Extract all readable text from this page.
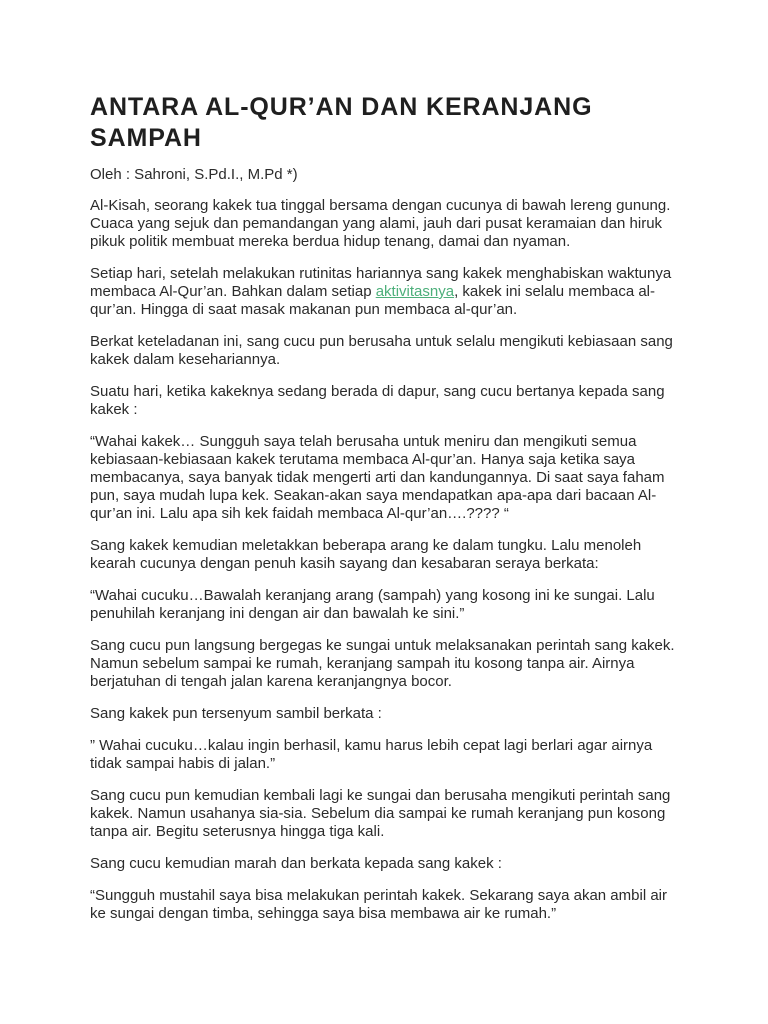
ANTARA AL-QUR’AN DAN KERANJANG SAMPAH

Oleh : Sahroni, S.Pd.I., M.Pd *)

Al-Kisah, seorang kakek tua tinggal bersama dengan cucunya di bawah lereng gunung. Cuaca yang sejuk dan pemandangan yang alami, jauh dari pusat keramaian dan hiruk pikuk politik membuat mereka berdua hidup tenang, damai dan nyaman.

Setiap hari, setelah melakukan rutinitas hariannya sang kakek menghabiskan waktunya membaca Al-Qur’an. Bahkan dalam setiap aktivitasnya, kakek ini selalu membaca al-qur’an. Hingga di saat masak makanan pun membaca al-qur’an.

Berkat keteladanan ini, sang cucu pun berusaha untuk selalu mengikuti kebiasaan sang kakek dalam kesehariannya.

Suatu hari, ketika kakeknya sedang berada di dapur, sang cucu bertanya kepada sang kakek :

“Wahai kakek… Sungguh saya telah berusaha untuk meniru dan mengikuti semua kebiasaan-kebiasaan kakek terutama membaca Al-qur’an. Hanya saja ketika saya membacanya, saya banyak tidak mengerti arti dan kandungannya. Di saat saya faham pun, saya mudah lupa kek. Seakan-akan saya mendapatkan apa-apa dari bacaan Al-qur’an ini. Lalu apa sih kek faidah membaca Al-qur’an….???? “

Sang kakek kemudian meletakkan beberapa arang ke dalam tungku. Lalu menoleh kearah cucunya dengan penuh kasih sayang dan kesabaran seraya berkata:

“Wahai cucuku…Bawalah keranjang arang (sampah) yang kosong ini ke sungai. Lalu penuhilah keranjang ini dengan air dan bawalah ke sini.”

Sang cucu pun langsung bergegas ke sungai untuk melaksanakan perintah sang kakek. Namun sebelum sampai ke rumah, keranjang sampah itu kosong tanpa air. Airnya berjatuhan di tengah jalan karena keranjangnya bocor.

Sang kakek pun tersenyum sambil berkata :

” Wahai cucuku…kalau ingin berhasil, kamu harus lebih cepat lagi berlari agar airnya tidak sampai habis di jalan.”

Sang cucu pun kemudian kembali lagi ke sungai dan berusaha mengikuti perintah sang kakek. Namun usahanya sia-sia. Sebelum dia sampai ke rumah keranjang pun kosong tanpa air. Begitu seterusnya hingga tiga kali.

Sang cucu kemudian marah dan berkata kepada sang kakek :

“Sungguh mustahil saya bisa melakukan perintah kakek. Sekarang saya akan ambil air ke sungai dengan timba, sehingga saya bisa membawa air ke rumah.”
